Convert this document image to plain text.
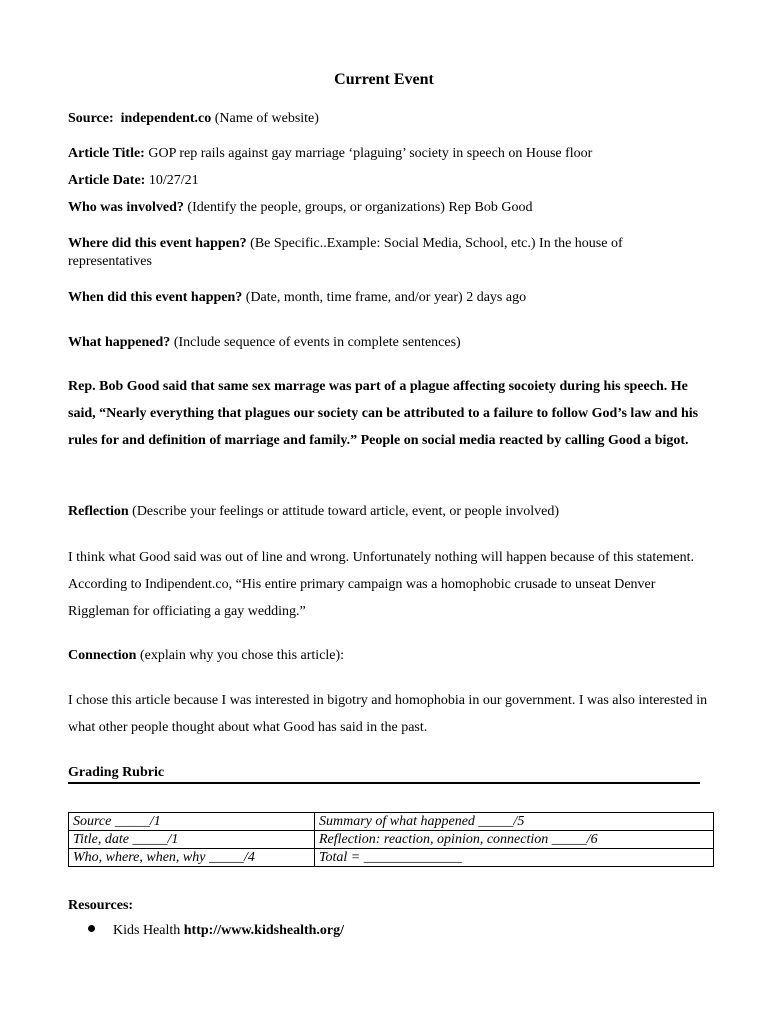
Current Event
Source: independent.co (Name of website)
Article Title: GOP rep rails against gay marriage ‘plaguing’ society in speech on House floor
Article Date: 10/27/21
Who was involved? (Identify the people, groups, or organizations) Rep Bob Good
Where did this event happen? (Be Specific..Example: Social Media, School, etc.) In the house of
representatives
When did this event happen? (Date, month, time frame, and/or year) 2 days ago
What happened? (Include sequence of events in complete sentences)
Rep. Bob Good said that same sex marrage was part of a plague affecting socoiety during his speech. He said, “Nearly everything that plagues our society can be attributed to a failure to follow God’s law and his rules for and definition of marriage and family.” People on social media reacted by calling Good a bigot.
Reflection (Describe your feelings or attitude toward article, event, or people involved)
I think what Good said was out of line and wrong. Unfortunately nothing will happen because of this statement. According to Indipendent.co, “His entire primary campaign was a homophobic crusade to unseat Denver Riggleman for officiating a gay wedding.”
Connection (explain why you chose this article):
I chose this article because I was interested in bigotry and homophobia in our government. I was also interested in what other people thought about what Good has said in the past.
Grading Rubric
Source _____/1	Summary of what happened _____/5
Title, date _____/1	Reflection: reaction, opinion, connection _____/6
Who, where, when, why _____/4	Total = ______________
Resources:
Kids Health http://www.kidshealth.org/
